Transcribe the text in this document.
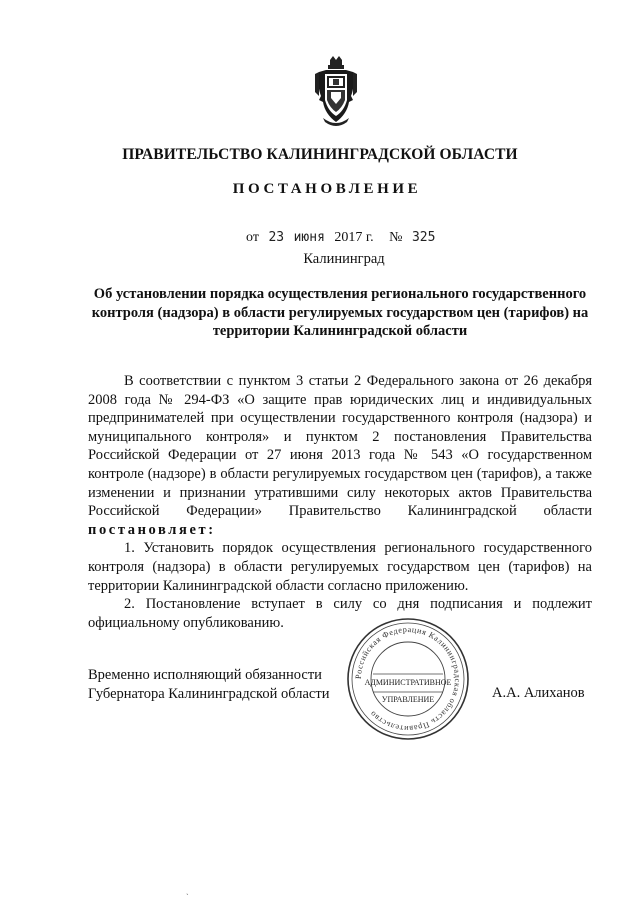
ПРАВИТЕЛЬСТВО КАЛИНИНГРАДСКОЙ ОБЛАСТИ
ПОСТАНОВЛЕНИЕ
от 23 июня 2017 г. № 325
Калининград
Об установлении порядка осуществления регионального государственного контроля (надзора) в области регулируемых государством цен (тарифов) на территории Калининградской области

В соответствии с пунктом 3 статьи 2 Федерального закона от 26 декабря 2008 года № 294-ФЗ «О защите прав юридических лиц и индивидуальных предпринимателей при осуществлении государственного контроля (надзора) и муниципального контроля» и пунктом 2 постановления Правительства Российской Федерации от 27 июня 2013 года № 543 «О государственном контроле (надзоре) в области регулируемых государством цен (тарифов), а также изменении и признании утратившими силу некоторых актов Правительства Российской Федерации» Правительство Калининградской области постановляет:

1. Установить порядок осуществления регионального государственного контроля (надзора) в области регулируемых государством цен (тарифов) на территории Калининградской области согласно приложению.

2. Постановление вступает в силу со дня подписания и подлежит официальному опубликованию.

Временно исполняющий обязанности
Губернатора Калининградской области
Российская Федерация Калининградская область Правительство
АДМИНИСТРАТИВНОЕ
УПРАВЛЕНИЕ	А.А. Алиханов
ˏ
